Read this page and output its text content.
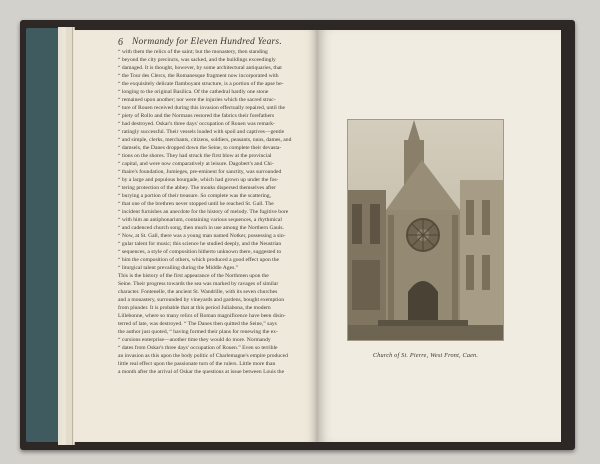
6 Normandy for Eleven Hundred Years.
“ with them the relics of the saint; but the monastery, then standing
“ beyond the city precincts, was sacked, and the buildings exceedingly
“ damaged. It is thought, however, by some architectural antiquaries, that
“ the Tour des Clercs, the Romanesque fragment now incorporated with
“ the exquisitely delicate flamboyant structure, is a portion of the apse be-
“ longing to the original Basilica. Of the cathedral hardly one stone
“ remained upon another; nor were the injuries which the sacred struc-
“ ture of Rouen received during this invasion effectually repaired, until the
“ piety of Rollo and the Normans restored the fabrics their forefathers
“ had destroyed. Oskar's three days' occupation of Rouen was remark-
“ ratingly successful. Their vessels loaded with spoil and captives—gentle
“ and simple, clerks, merchants, citizens, soldiers, peasants, nuns, dames, and
“ damsels, the Danes dropped down the Seine, to complete their devasta-
“ tions on the shores. They had struck the first blow at the provincial
“ capital, and were now comparatively at leisure. Dagobert's and Chi-
“ thaire's foundation, Jumieges, pre-eminent for sanctity, was surrounded
“ by a large and populous bourgade, which had grown up under the fos-
“ tering protection of the abbey. The monks dispersed themselves after
“ burying a portion of their treasure. So complete was the scattering,
“ that one of the brethren never stopped until he reached St. Gall. The
“ incident furnishes an anecdote for the history of melody. The fugitive bore
“ with him an antiphonarium, containing various sequences, a rhythmical
“ and cadenced church song, then much in use among the Northern Gauls.
“ Now, at St. Gall, there was a young man named Notker, possessing a sin-
“ gular talent for music; this science he studied deeply, and the Neustrian
“ sequences, a style of composition hitherto unknown there, suggested to
“ him the composition of others, which produced a good effect upon the
“ liturgical talent prevailing during the Middle Ages.”
This is the history of the first appearance of the Northmen upon the
Seine. Their progress towards the sea was marked by ravages of similar
character. Fontenelle, the ancient St. Wandrille, with its seven churches
and a monastery, surrounded by vineyards and gardens, bought exemption
from plunder. It is probable that at this period Juliabona, the modern
Lillebonne, where so many relics of Roman magnificence have been disin-
terred of late, was destroyed. “ The Danes then quitted the Seine,” says
the author just quoted, “ having formed their plans for renewing the ex-
“ cursions enterprise—another time they would do more. Normandy
“ dates from Oskar's three days' occupation of Rouen.” Even so terrible
an invasion as this upon the body politic of Charlemagne's empire produced
little real effect upon the passionate turn of the rulers. Little more than
a month after the arrival of Oskar the questions at issue between Louis the
Church of St. Pierre, West Front, Caen.
